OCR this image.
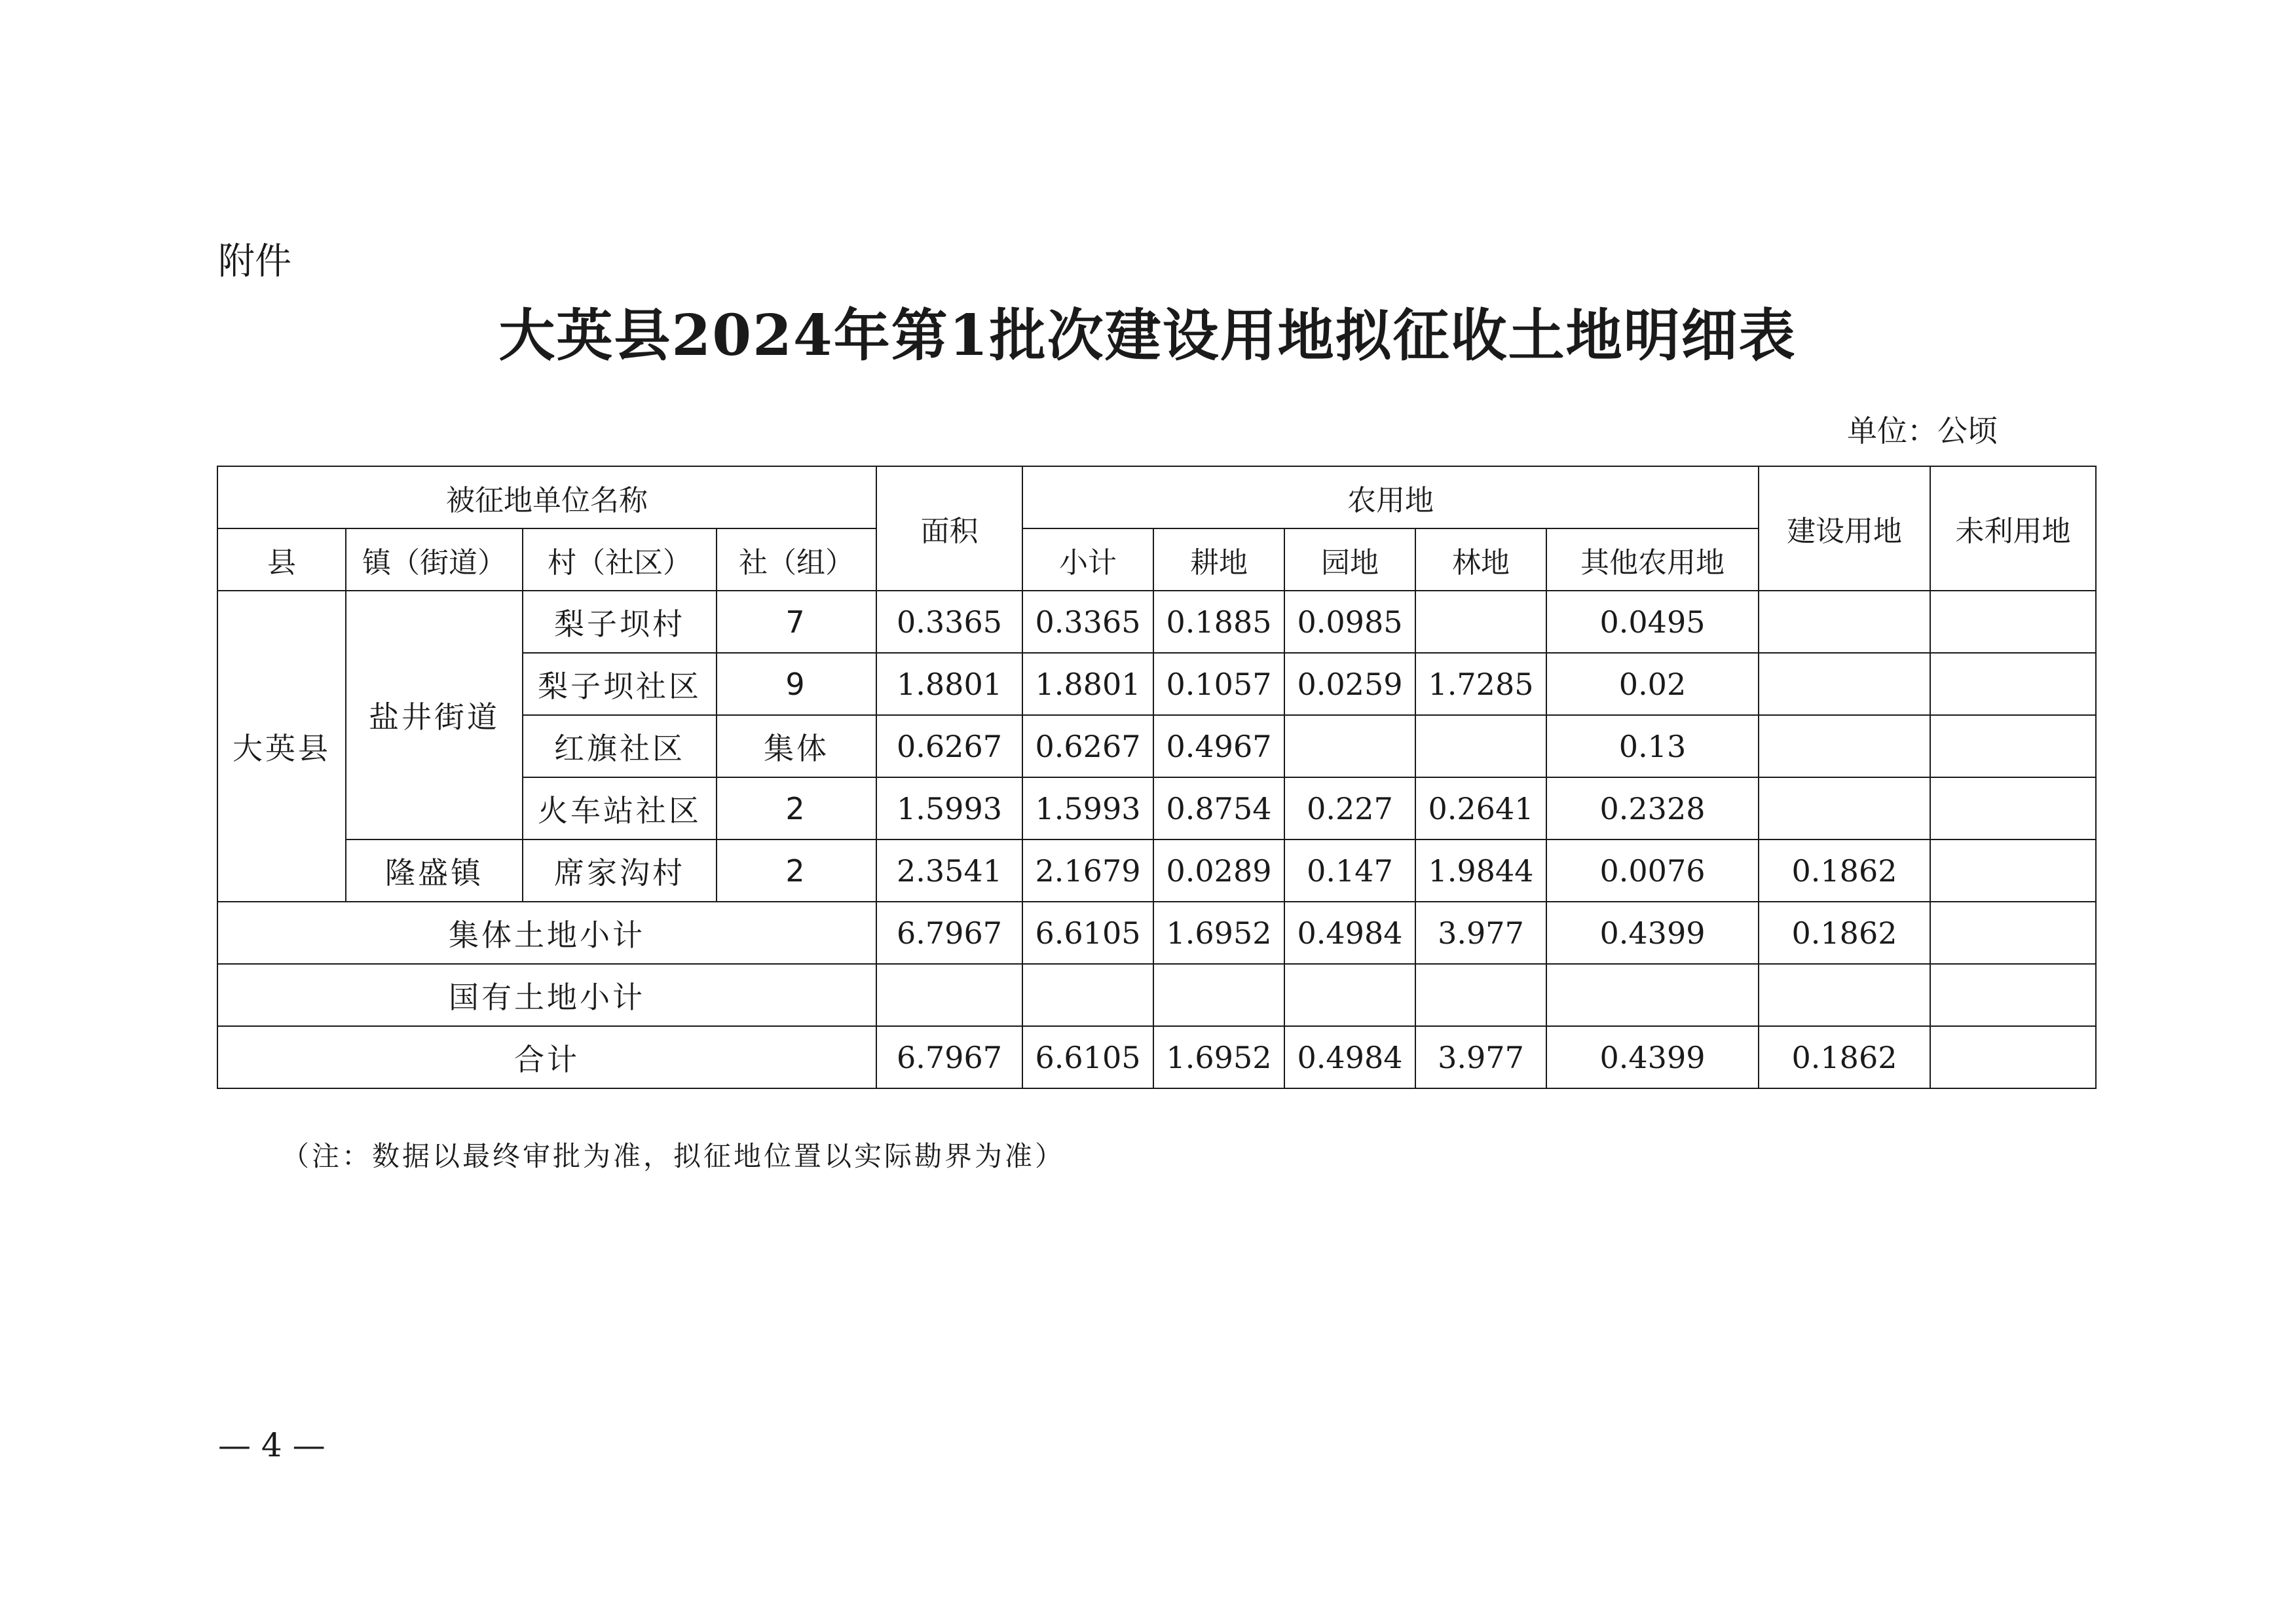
附件
大英县2024年第1批次建设用地拟征收土地明细表
单位：公顷
被征地单位名称				面积	农用地					建设用地	未利用地
县	镇（街道）	村（社区）	社（组）		小计	耕地	园地	林地	其他农用地		
大英县	盐井街道	梨子坝村	7	0.3365	0.3365	0.1885	0.0985		0.0495		
		梨子坝社区	9	1.8801	1.8801	0.1057	0.0259	1.7285	0.02		
		红旗社区	集体	0.6267	0.6267	0.4967			0.13		
		火车站社区	2	1.5993	1.5993	0.8754	0.227	0.2641	0.2328		
	隆盛镇	席家沟村	2	2.3541	2.1679	0.0289	0.147	1.9844	0.0076	0.1862	
集体土地小计				6.7967	6.6105	1.6952	0.4984	3.977	0.4399	0.1862	
国有土地小计											
合计				6.7967	6.6105	1.6952	0.4984	3.977	0.4399	0.1862	
（注：数据以最终审批为准，拟征地位置以实际勘界为准）
— 4 —
